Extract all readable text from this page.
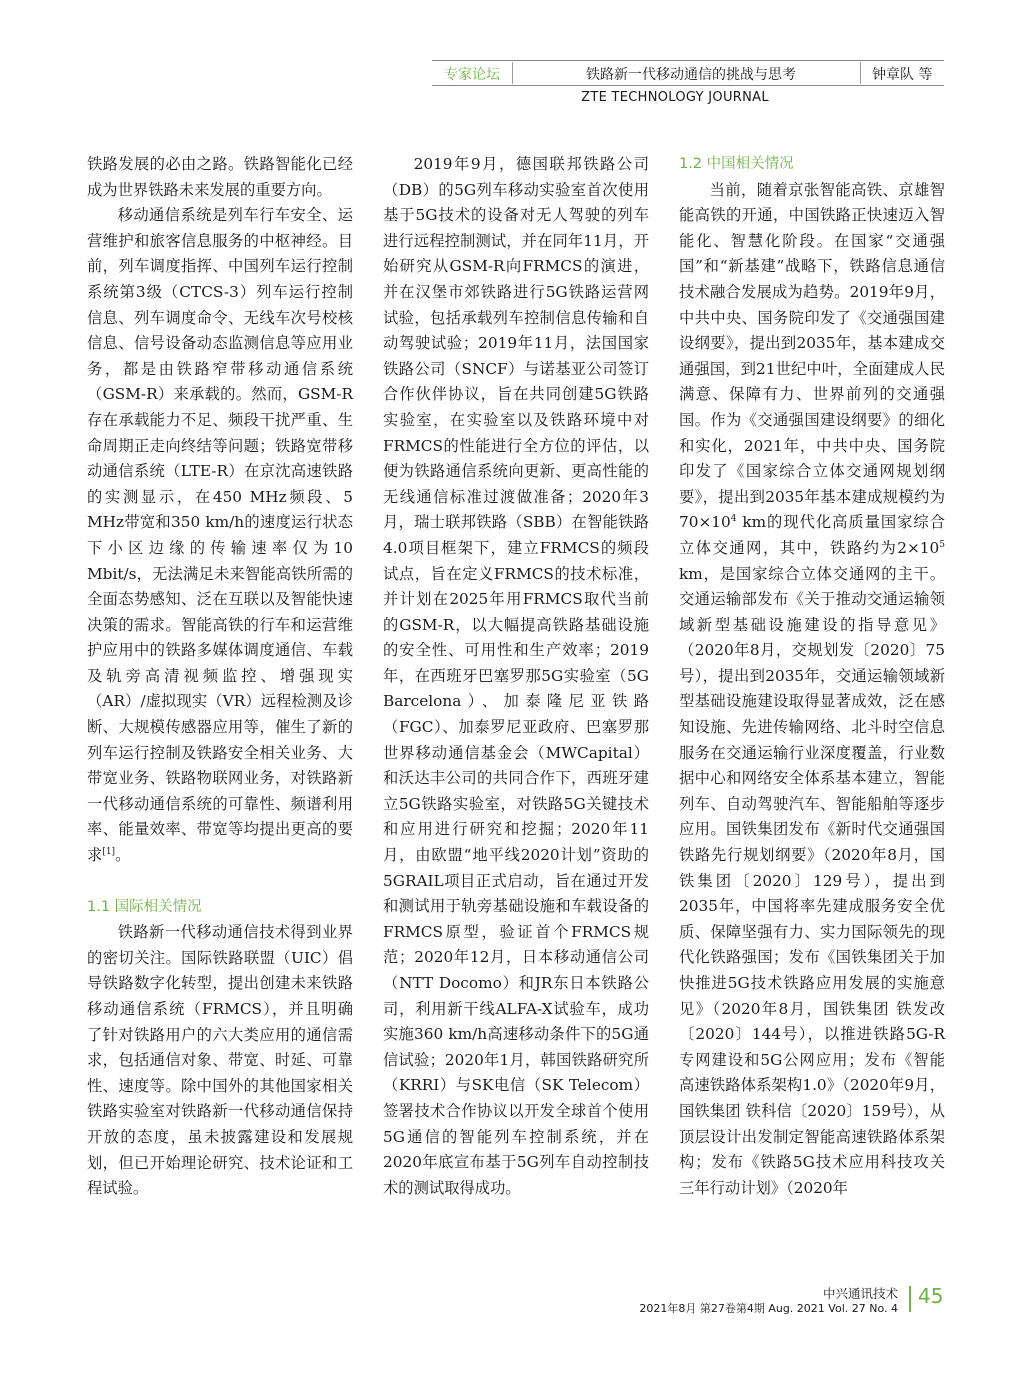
专家论坛	铁路新一代移动通信的挑战与思考	钟章队 等
ZTE TECHNOLOGY JOURNAL

铁路发展的必由之路。铁路智能化已经成为世界铁路未来发展的重要方向。

移动通信系统是列车行车安全、运营维护和旅客信息服务的中枢神经。目前，列车调度指挥、中国列车运行控制系统第3级（CTCS-3）列车运行控制信息、列车调度命令、无线车次号校核信息、信号设备动态监测信息等应用业务，都是由铁路窄带移动通信系统（GSM-R）来承载的。然而，GSM-R存在承载能力不足、频段干扰严重、生命周期正走向终结等问题；铁路宽带移动通信系统（LTE-R）在京沈高速铁路的实测显示，在450 MHz频段、5 MHz带宽和350 km/h的速度运行状态下小区边缘的传输速率仅为10 Mbit/s，无法满足未来智能高铁所需的全面态势感知、泛在互联以及智能快速决策的需求。智能高铁的行车和运营维护应用中的铁路多媒体调度通信、车载及轨旁高清视频监控、增强现实（AR）/虚拟现实（VR）远程检测及诊断、大规模传感器应用等，催生了新的列车运行控制及铁路安全相关业务、大带宽业务、铁路物联网业务，对铁路新一代移动通信系统的可靠性、频谱利用率、能量效率、带宽等均提出更高的要求[1]。

1.1 国际相关情况

铁路新一代移动通信技术得到业界的密切关注。国际铁路联盟（UIC）倡导铁路数字化转型，提出创建未来铁路移动通信系统（FRMCS），并且明确了针对铁路用户的六大类应用的通信需求，包括通信对象、带宽、时延、可靠性、速度等。除中国外的其他国家相关铁路实验室对铁路新一代移动通信保持开放的态度，虽未披露建设和发展规划，但已开始理论研究、技术论证和工程试验。

2019年9月，德国联邦铁路公司（DB）的5G列车移动实验室首次使用基于5G技术的设备对无人驾驶的列车进行远程控制测试，并在同年11月，开始研究从GSM-R向FRMCS的演进，并在汉堡市郊铁路进行5G铁路运营网试验，包括承载列车控制信息传输和自动驾驶试验；2019年11月，法国国家铁路公司（SNCF）与诺基亚公司签订合作伙伴协议，旨在共同创建5G铁路实验室，在实验室以及铁路环境中对FRMCS的性能进行全方位的评估，以便为铁路通信系统向更新、更高性能的无线通信标准过渡做准备；2020年3月，瑞士联邦铁路（SBB）在智能铁路4.0项目框架下，建立FRMCS的频段试点，旨在定义FRMCS的技术标准，并计划在2025年用FRMCS取代当前的GSM-R，以大幅提高铁路基础设施的安全性、可用性和生产效率；2019年，在西班牙巴塞罗那5G实验室（5G Barcelona）、加泰隆尼亚铁路（FGC）、加泰罗尼亚政府、巴塞罗那世界移动通信基金会（MWCapital）和沃达丰公司的共同合作下，西班牙建立5G铁路实验室，对铁路5G关键技术和应用进行研究和挖掘；2020年11月，由欧盟“地平线2020计划”资助的5GRAIL项目正式启动，旨在通过开发和测试用于轨旁基础设施和车载设备的FRMCS原型，验证首个FRMCS规范；2020年12月，日本移动通信公司（NTT Docomo）和JR东日本铁路公司，利用新干线ALFA-X试验车，成功实施360 km/h高速移动条件下的5G通信试验；2020年1月，韩国铁路研究所（KRRI）与SK电信（SK Telecom）签署技术合作协议以开发全球首个使用5G通信的智能列车控制系统，并在2020年底宣布基于5G列车自动控制技术的测试取得成功。

1.2 中国相关情况

当前，随着京张智能高铁、京雄智能高铁的开通，中国铁路正快速迈入智能化、智慧化阶段。在国家“交通强国”和“新基建”战略下，铁路信息通信技术融合发展成为趋势。2019年9月，中共中央、国务院印发了《交通强国建设纲要》，提出到2035年，基本建成交通强国，到21世纪中叶，全面建成人民满意、保障有力、世界前列的交通强国。作为《交通强国建设纲要》的细化和实化，2021年，中共中央、国务院印发了《国家综合立体交通网规划纲要》，提出到2035年基本建成规模约为$70\times 10^4$ km的现代化高质量国家综合立体交通网，其中，铁路约为$2\times 10^5$ km，是国家综合立体交通网的主干。交通运输部发布《关于推动交通运输领域新型基础设施建设的指导意见》（2020年8月，交规划发〔2020〕75号），提出到2035年，交通运输领域新型基础设施建设取得显著成效，泛在感知设施、先进传输网络、北斗时空信息服务在交通运输行业深度覆盖，行业数据中心和网络安全体系基本建立，智能列车、自动驾驶汽车、智能船舶等逐步应用。国铁集团发布《新时代交通强国铁路先行规划纲要》（2020年8月，国铁集团〔2020〕129号），提出到2035年，中国将率先建成服务安全优质、保障坚强有力、实力国际领先的现代化铁路强国；发布《国铁集团关于加快推进5G技术铁路应用发展的实施意见》（2020年8月，国铁集团 铁发改〔2020〕144号），以推进铁路5G-R专网建设和5G公网应用；发布《智能高速铁路体系架构1.0》（2020年9月，国铁集团 铁科信〔2020〕159号），从顶层设计出发制定智能高速铁路体系架构；发布《铁路5G技术应用科技攻关三年行动计划》（2020年

中兴通讯技术
2021年8月 第27卷第4期 Aug. 2021 Vol. 27 No. 4
45
